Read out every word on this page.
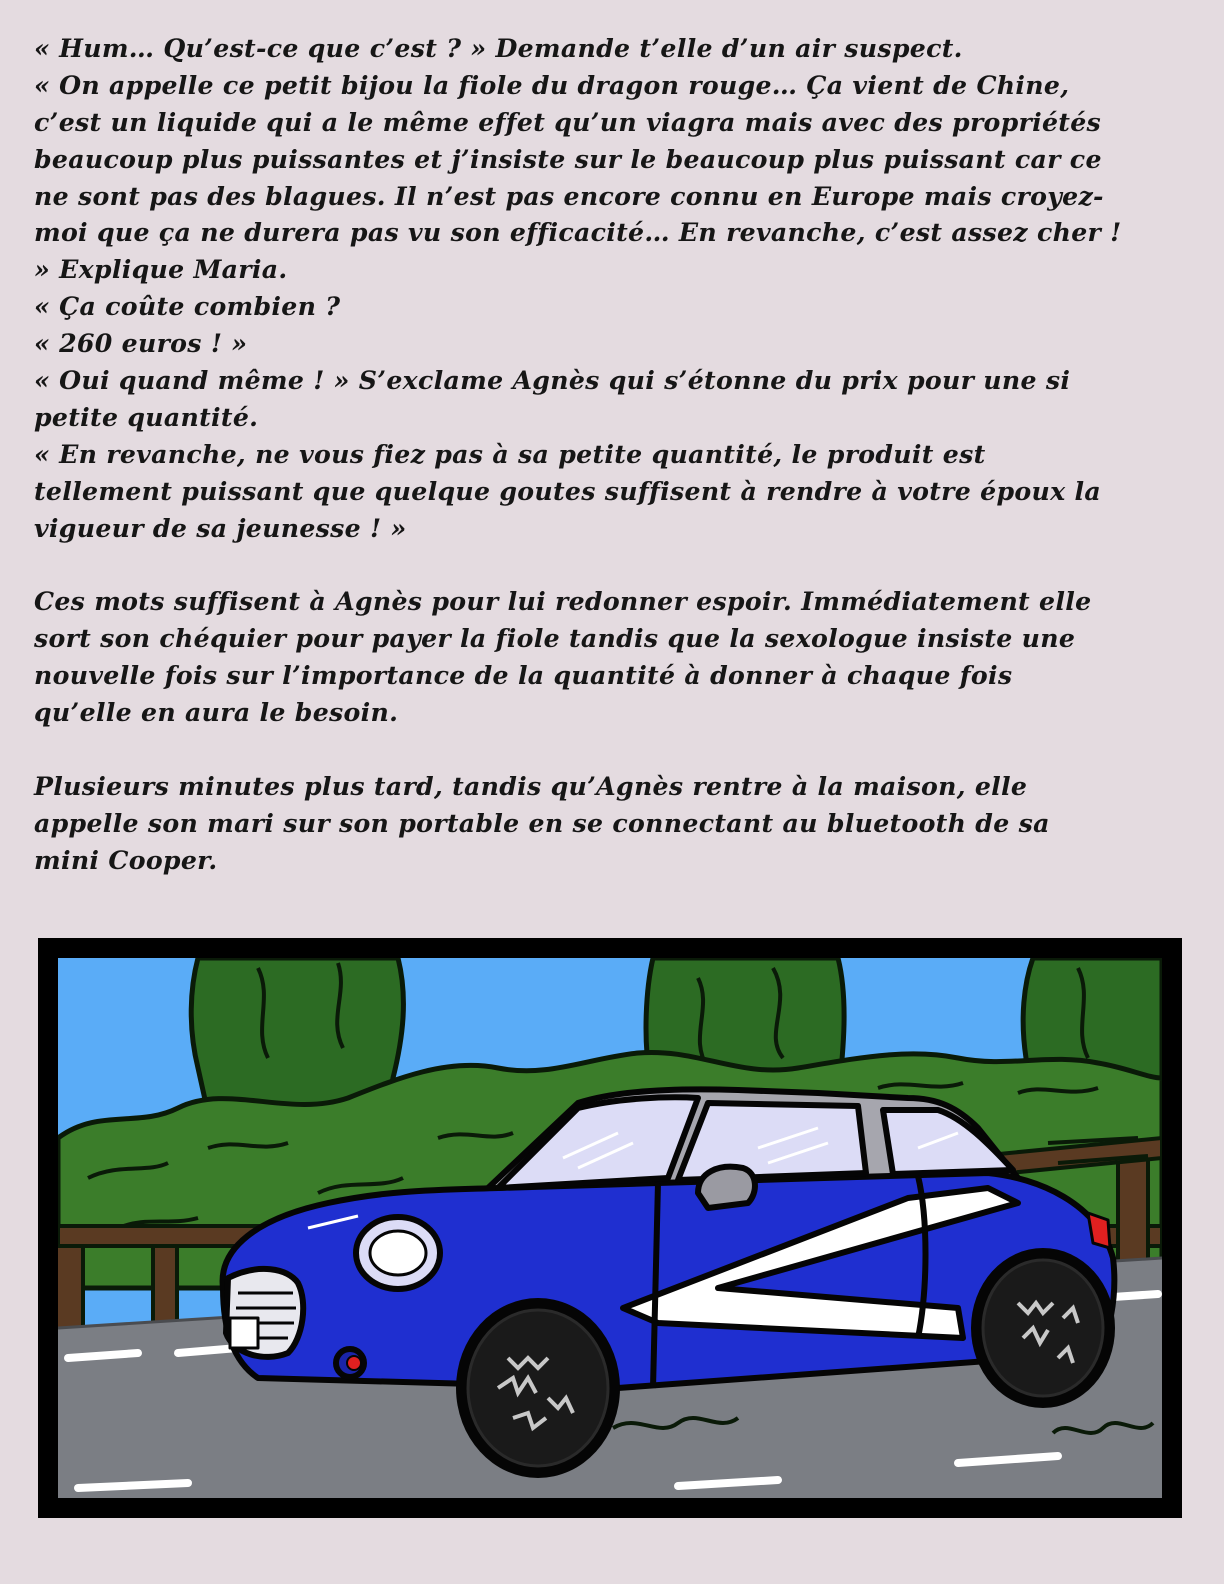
« Hum… Qu’est-ce que c’est ? » Demande t’elle d’un air suspect.
« On appelle ce petit bijou la fiole du dragon rouge… Ça vient de Chine,
c’est un liquide qui a le même effet qu’un viagra mais avec des propriétés
beaucoup plus puissantes et j’insiste sur le beaucoup plus puissant car ce
ne sont pas des blagues. Il n’est pas encore connu en Europe mais croyez-
moi que ça ne durera pas vu son efficacité… En revanche, c’est assez cher !
» Explique Maria.
« Ça coûte combien ?
« 260 euros ! »
« Oui quand même ! » S’exclame Agnès qui s’étonne du prix pour une si
petite quantité.
« En revanche, ne vous fiez pas à sa petite quantité, le produit est
tellement puissant que quelque goutes suffisent à rendre à votre époux la
vigueur de sa jeunesse ! »
Ces mots suffisent à Agnès pour lui redonner espoir. Immédiatement elle
sort son chéquier pour payer la fiole tandis que la sexologue insiste une
nouvelle fois sur l’importance de la quantité à donner à chaque fois
qu’elle en aura le besoin.
Plusieurs minutes plus tard, tandis qu’Agnès rentre à la maison, elle
appelle son mari sur son portable en se connectant au bluetooth de sa
mini Cooper.
